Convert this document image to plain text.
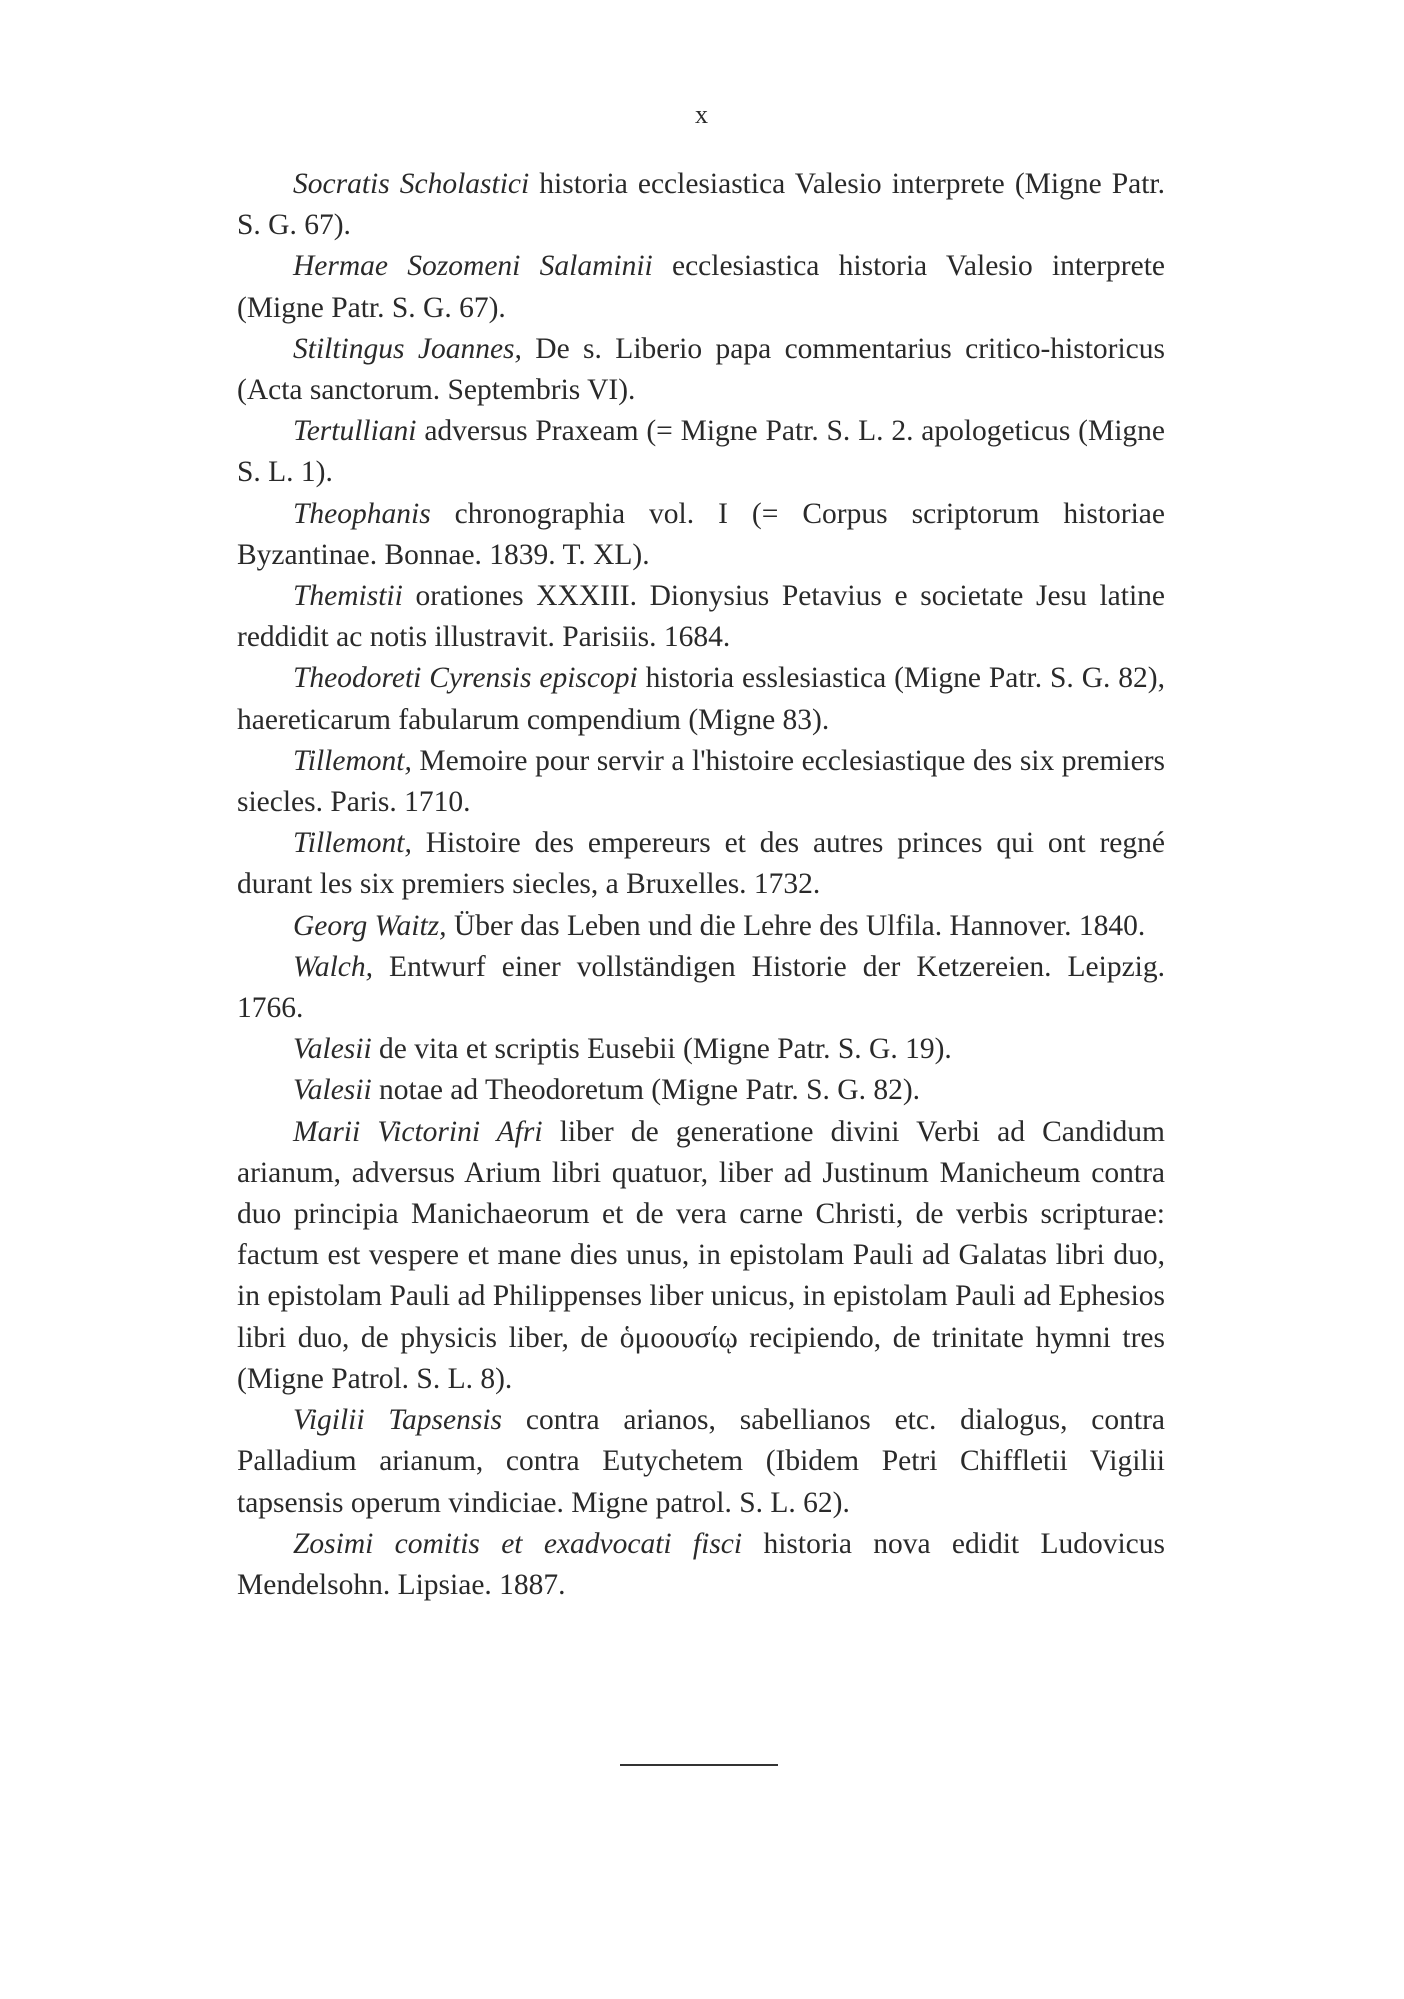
x

Socratis Scholastici historia ecclesiastica Valesio interprete (Migne Patr. S. G. 67).

Hermae Sozomeni Salaminii ecclesiastica historia Valesio interprete (Migne Patr. S. G. 67).

Stiltingus Joannes, De s. Liberio papa commentarius critico-historicus (Acta sanctorum. Septembris VI).

Tertulliani adversus Praxeam (= Migne Patr. S. L. 2. apologeticus (Migne S. L. 1).

Theophanis chronographia vol. I (= Corpus scriptorum historiae Byzantinae. Bonnae. 1839. T. XL).

Themistii orationes XXXIII. Dionysius Petavius e societate Jesu latine reddidit ac notis illustravit. Parisiis. 1684.

Theodoreti Cyrensis episcopi historia esslesiastica (Migne Patr. S. G. 82), haereticarum fabularum compendium (Migne 83).

Tillemont, Memoire pour servir a l'histoire ecclesiastique des six premiers siecles. Paris. 1710.

Tillemont, Histoire des empereurs et des autres princes qui ont regné durant les six premiers siecles, a Bruxelles. 1732.

Georg Waitz, Über das Leben und die Lehre des Ulfila. Hannover. 1840.

Walch, Entwurf einer vollständigen Historie der Ketzereien. Leipzig. 1766.

Valesii de vita et scriptis Eusebii (Migne Patr. S. G. 19).

Valesii notae ad Theodoretum (Migne Patr. S. G. 82).

Marii Victorini Afri liber de generatione divini Verbi ad Candidum arianum, adversus Arium libri quatuor, liber ad Justinum Manicheum contra duo principia Manichaeorum et de vera carne Christi, de verbis scripturae: factum est vespere et mane dies unus, in epistolam Pauli ad Galatas libri duo, in epistolam Pauli ad Philippenses liber unicus, in epistolam Pauli ad Ephesios libri duo, de physicis liber, de ὁμοουσίῳ recipiendo, de trinitate hymni tres (Migne Patrol. S. L. 8).

Vigilii Tapsensis contra arianos, sabellianos etc. dialogus, contra Palladium arianum, contra Eutychetem (Ibidem Petri Chiffletii Vigilii tapsensis operum vindiciae. Migne patrol. S. L. 62).

Zosimi comitis et exadvocati fisci historia nova edidit Ludovicus Mendelsohn. Lipsiae. 1887.
